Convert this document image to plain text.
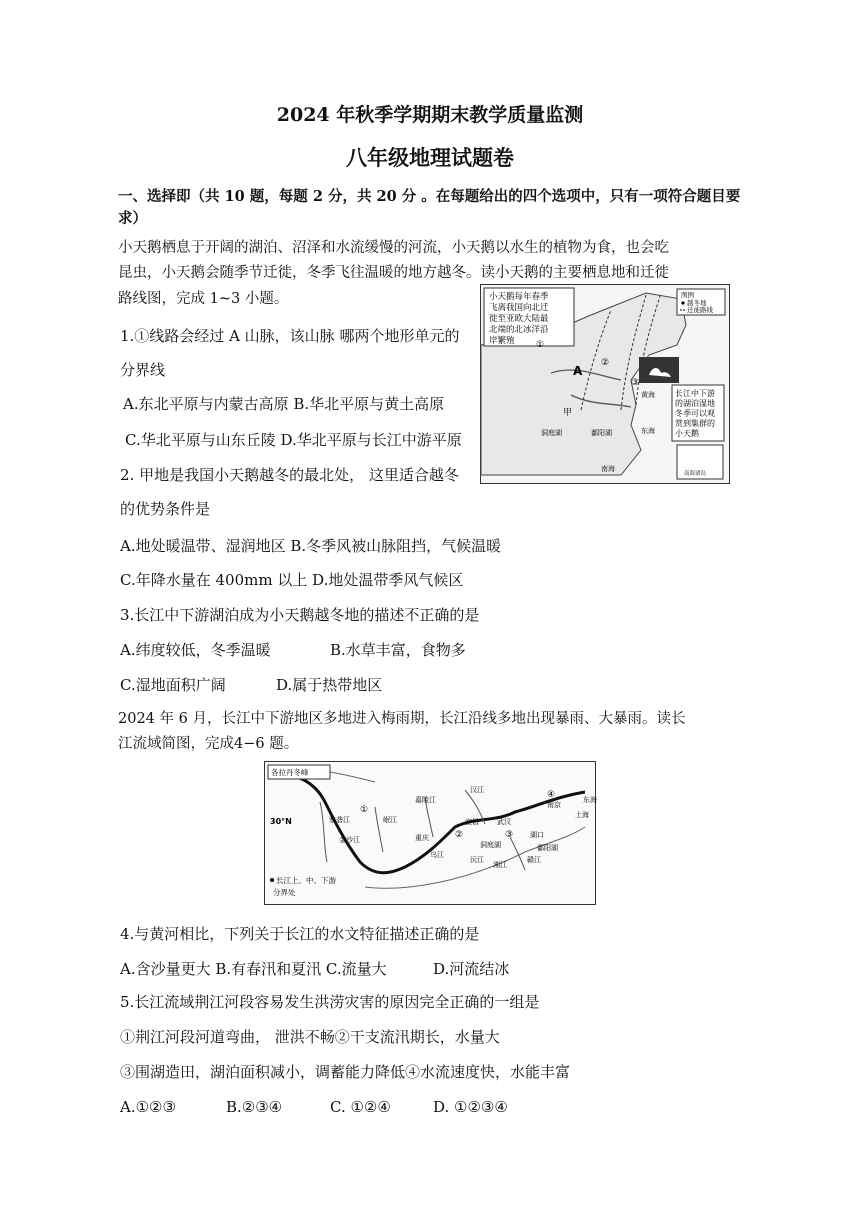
2024 年秋季学期期末教学质量监测
八年级地理试题卷
一、选择即（共 10 题，每题 2 分，共 20 分 。在每题给出的四个选项中，只有一项符合题目要求）
小天鹅栖息于开阔的湖泊、沼泽和水流缓慢的河流，小天鹅以水生的植物为食，也会吃
昆虫，小天鹅会随季节迁徙，冬季飞往温暖的地方越冬。读小天鹅的主要栖息地和迁徙
路线图，完成 1~3 小题。
1.①线路会经过 A 山脉，该山脉 哪两个地形单元的
分界线
A.东北平原与内蒙古高原 B.华北平原与黄土高原
C.华北平原与山东丘陵 D.华北平原与长江中游平原
2. 甲地是我国小天鹅越冬的最北处， 这里适合越冬
的优势条件是
A.地处暖温带、湿润地区 B.冬季风被山脉阻挡，气候温暖
C.年降水量在 400mm 以上 D.地处温带季风气候区
3.长江中下游湖泊成为小天鹅越冬地的描述不正确的是
A.纬度较低，冬季温暖	B.水草丰富，食物多
C.湿地面积广阔	D.属于热带地区
2024 年 6 月，长江中下游地区多地进入梅雨期，长江沿线多地出现暴雨、大暴雨。读长
江流域简图，完成4−6 题。
4.与黄河相比，下列关于长江的水文特征描述正确的是
A.含沙量更大 B.有春汛和夏汛 C.流量大	D.河流结冰
5.长江流域荆江河段容易发生洪涝灾害的原因完全正确的一组是
①荆江河段河道弯曲， 泄洪不畅②干支流汛期长，水量大
③围湖造田，湖泊面积减小，调蓄能力降低④水流速度快，水能丰富
A.①②③	B.②③④	C. ①②④	D. ①②③④
小天鹅每年春季
飞离我国向北迁
徙至亚欧大陆最
北端的北冰洋沿
岸繁殖
图例
越冬地
迁徙路线
长江中下游
的湖泊湿地
冬季可以观
赏到集群的
小天鹅
A
甲
①
②
③
黄海
东海
南海
洞庭湖	鄱阳湖
南海诸岛
各拉丹冬峰
30°N
长江上、中、下游
分界处
雅砻江
金沙江
岷江
嘉陵江
汉江
乌江
沅江
湘江
赣江
重庆
宜昌	武汉
湖口
南京
上海
洞庭湖	鄱阳湖
①
②	③
④	东海
